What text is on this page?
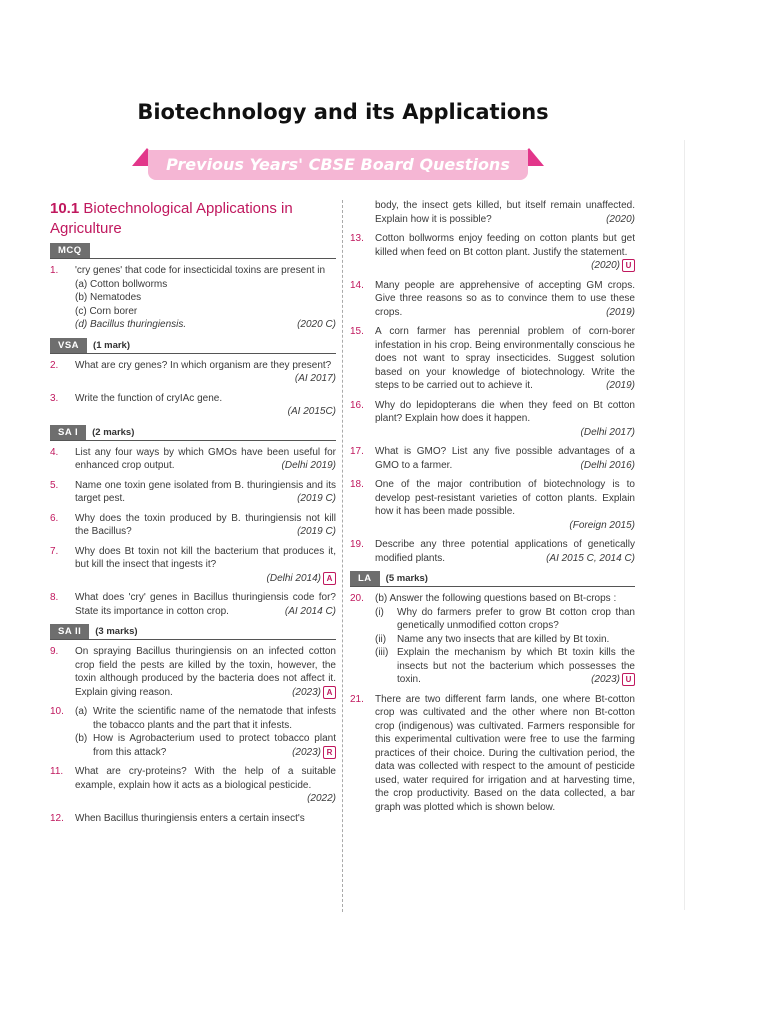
Biotechnology and its Applications
Previous Years' CBSE Board Questions
10.1 Biotechnological Applications in Agriculture
MCQ
1. 'cry genes' that code for insecticidal toxins are present in
(a) Cotton bollworms
(b) Nematodes
(c) Corn borer
(d) Bacillus thuringiensis.	(2020 C)
VSA (1 mark)
2. What are cry genes? In which organism are they present?
(AI 2017)
3. Write the function of cryIAc gene.
(AI 2015C)
SA I (2 marks)
4. List any four ways by which GMOs have been useful for enhanced crop output.	(Delhi 2019)
5. Name one toxin gene isolated from B. thuringiensis and its target pest.	(2019 C)
6. Why does the toxin produced by B. thuringiensis not kill the Bacillus?	(2019 C)
7. Why does Bt toxin not kill the bacterium that produces it, but kill the insect that ingests it?
(Delhi 2014) A
8. What does 'cry' genes in Bacillus thuringiensis code for? State its importance in cotton crop.	(AI 2014 C)
SA II (3 marks)
9. On spraying Bacillus thuringiensis on an infected cotton crop field the pests are killed by the toxin, however, the toxin although produced by the bacteria does not affect it. Explain giving reason.	(2023) A
10. (a) Write the scientific name of the nematode that infests the tobacco plants and the part that it infests.
(b) How is Agrobacterium used to protect tobacco plant from this attack?	(2023) R
11. What are cry-proteins? With the help of a suitable example, explain how it acts as a biological pesticide.
(2022)
12. When Bacillus thuringiensis enters a certain insect's
body, the insect gets killed, but itself remain unaffected. Explain how it is possible?	(2020)
13. Cotton bollworms enjoy feeding on cotton plants but get killed when feed on Bt cotton plant. Justify the statement.
(2020) U
14. Many people are apprehensive of accepting GM crops. Give three reasons so as to convince them to use these crops.	(2019)
15. A corn farmer has perennial problem of corn-borer infestation in his crop. Being environmentally conscious he does not want to spray insecticides. Suggest solution based on your knowledge of biotechnology. Write the steps to be carried out to achieve it.	(2019)
16. Why do lepidopterans die when they feed on Bt cotton plant? Explain how does it happen.
(Delhi 2017)
17. What is GMO? List any five possible advantages of a GMO to a farmer.	(Delhi 2016)
18. One of the major contribution of biotechnology is to develop pest-resistant varieties of cotton plants. Explain how it has been made possible.
(Foreign 2015)
19. Describe any three potential applications of genetically modified plants.	(AI 2015 C, 2014 C)
LA (5 marks)
20. (b) Answer the following questions based on Bt-crops :
(i) Why do farmers prefer to grow Bt cotton crop than genetically unmodified cotton crops?
(ii) Name any two insects that are killed by Bt toxin.
(iii) Explain the mechanism by which Bt toxin kills the insects but not the bacterium which possesses the toxin.	(2023) U
21. There are two different farm lands, one where Bt-cotton crop was cultivated and the other where non Bt-cotton crop (indigenous) was cultivated. Farmers responsible for this experimental cultivation were free to use the farming practices of their choice. During the cultivation period, the data was collected with respect to the amount of pesticide used, water required for irrigation and at harvesting time, the crop productivity. Based on the data collected, a bar graph was plotted which is shown below.
